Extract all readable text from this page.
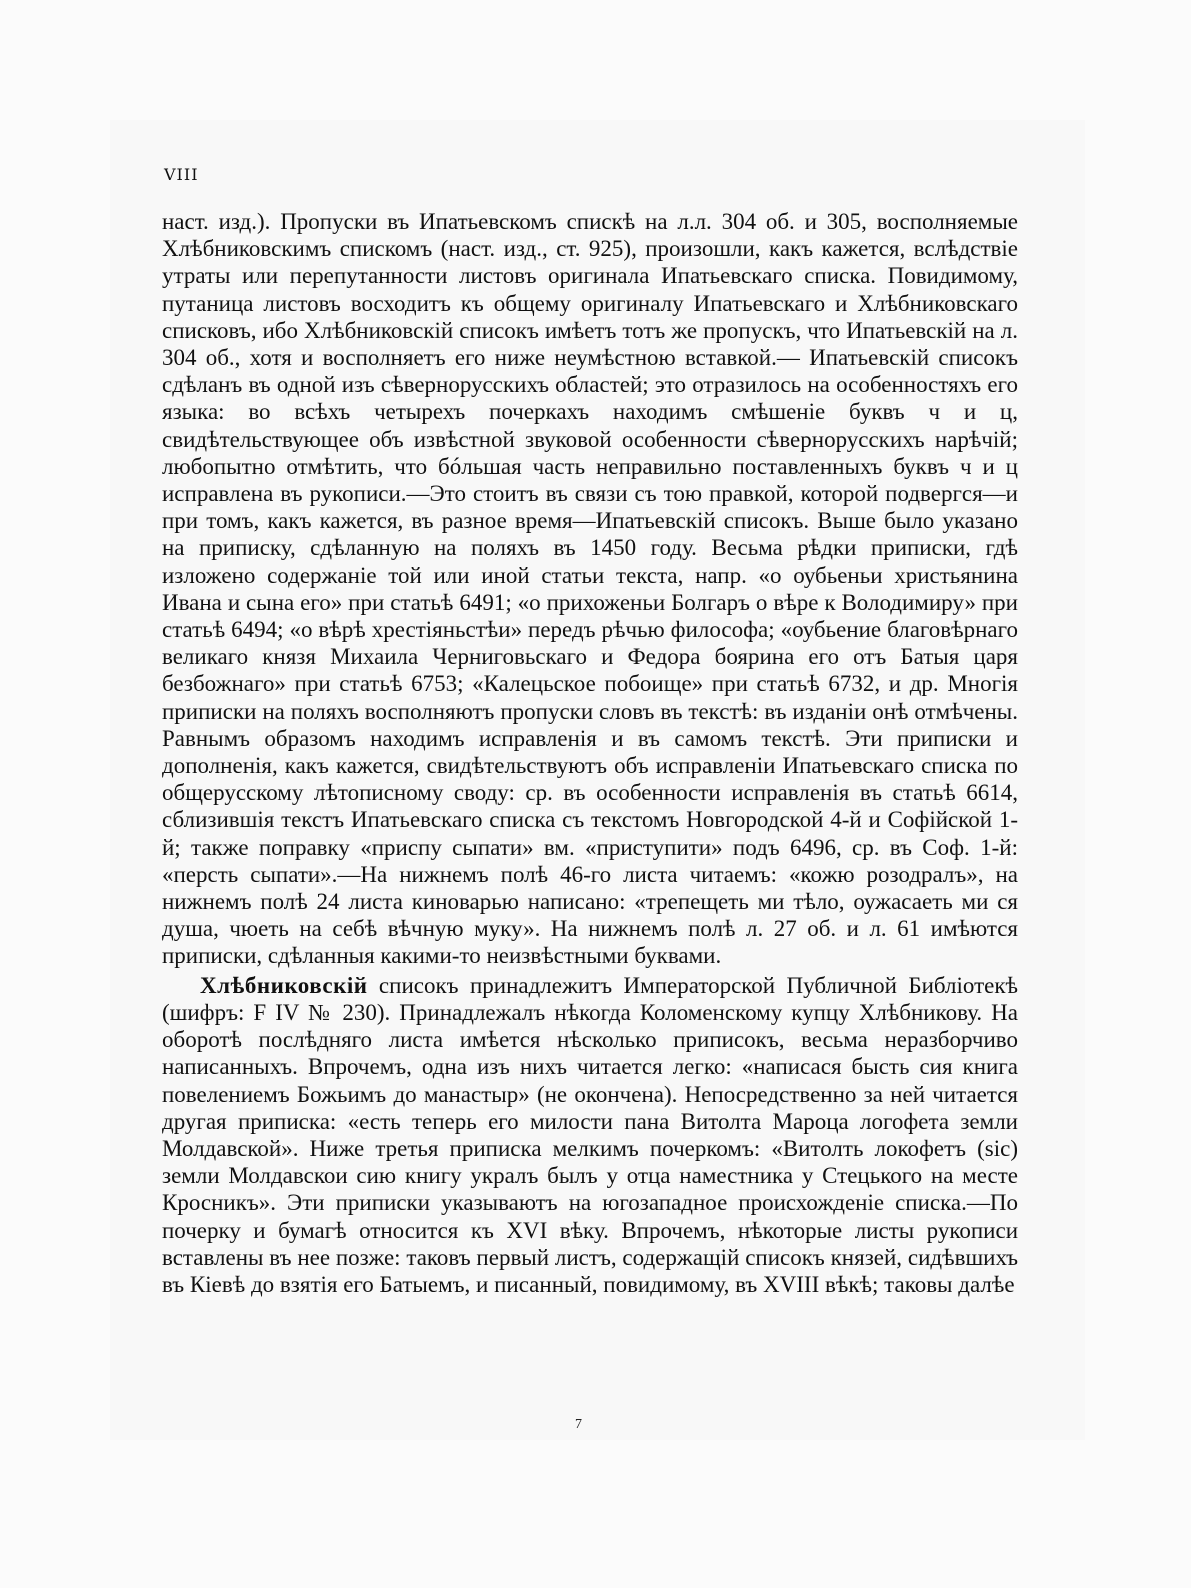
VIII

наст. изд.). Пропуски въ Ипатьевскомъ спискѣ на л.л. 304 об. и 305, восполняемые Хлѣбниковскимъ спискомъ (наст. изд., ст. 925), произошли, какъ кажется, вслѣдствіе утраты или перепутанности листовъ оригинала Ипатьевскаго списка. Повидимому, путаница листовъ восходитъ къ общему оригиналу Ипатьевскаго и Хлѣбниковскаго списковъ, ибо Хлѣбниковскій списокъ имѣетъ тотъ же пропускъ, что Ипатьевскій на л. 304 об., хотя и восполняетъ его ниже неумѣстною вставкой.— Ипатьевскій списокъ сдѣланъ въ одной изъ сѣвернорусскихъ областей; это отразилось на особенностяхъ его языка: во всѣхъ четырехъ почеркахъ находимъ смѣшеніе буквъ ч и ц, свидѣтельствующее объ извѣстной звуковой особенности сѣвернорусскихъ нарѣчій; любопытно отмѣтить, что бóльшая часть неправильно поставленныхъ буквъ ч и ц исправлена въ рукописи.—Это стоитъ въ связи съ тою правкой, которой подвергся—и при томъ, какъ кажется, въ разное время—Ипатьевскій списокъ. Выше было указано на приписку, сдѣланную на поляхъ въ 1450 году. Весьма рѣдки приписки, гдѣ изложено содержаніе той или иной статьи текста, напр. «о оубьеньи христьянина Ивана и сына его» при статьѣ 6491; «о прихоженьи Болгаръ о вѣре к Володимиру» при статьѣ 6494; «о вѣрѣ хрестіяньстѣи» передъ рѣчью философа; «оубьение благовѣрнаго великаго князя Михаила Черниговьскаго и Федора боярина его отъ Батыя царя безбожнаго» при статьѣ 6753; «Калецьское побоище» при статьѣ 6732, и др. Многія приписки на поляхъ восполняютъ пропуски словъ въ текстѣ: въ изданіи онѣ отмѣчены. Равнымъ образомъ находимъ исправленія и въ самомъ текстѣ. Эти приписки и дополненія, какъ кажется, свидѣтельствуютъ объ исправленіи Ипатьевскаго списка по общерусскому лѣтописному своду: ср. въ особенности исправленія въ статьѣ 6614, сблизившія текстъ Ипатьевскаго списка съ текстомъ Новгородской 4-й и Софійской 1-й; также поправку «приспу сыпати» вм. «приступити» подъ 6496, ср. въ Соф. 1-й: «персть сыпати».—На нижнемъ полѣ 46-го листа читаемъ: «кожю розодралъ», на нижнемъ полѣ 24 листа киноварью написано: «трепещеть ми тѣло, оужасаеть ми ся душа, чюеть на себѣ вѣчную муку». На нижнемъ полѣ л. 27 об. и л. 61 имѣются приписки, сдѣланныя какими-то неизвѣстными буквами.

Хлѣбниковскій списокъ принадлежитъ Императорской Публичной Библіотекѣ (шифръ: F IV № 230). Принадлежалъ нѣкогда Коломенскому купцу Хлѣбникову. На оборотѣ послѣдняго листа имѣется нѣсколько приписокъ, весьма неразборчиво написанныхъ. Впрочемъ, одна изъ нихъ читается легко: «написася бысть сия книга повелениемъ Божьимъ до манастыр» (не окончена). Непосредственно за ней читается другая приписка: «есть теперь его милости пана Витолта Мароца логофета земли Молдавской». Ниже третья приписка мелкимъ почеркомъ: «Витолть локофетъ (sic) земли Молдавскои сию книгу укралъ былъ у отца наместника у Стецького на месте Кросникъ». Эти приписки указываютъ на югозападное происхожденіе списка.—По почерку и бумагѣ относится къ XVI вѣку. Впрочемъ, нѣкоторые листы рукописи вставлены въ нее позже: таковъ первый листъ, содержащій списокъ князей, сидѣвшихъ въ Кіевѣ до взятія его Батыемъ, и писанный, повидимому, въ XVIII вѣкѣ; таковы далѣе

7
